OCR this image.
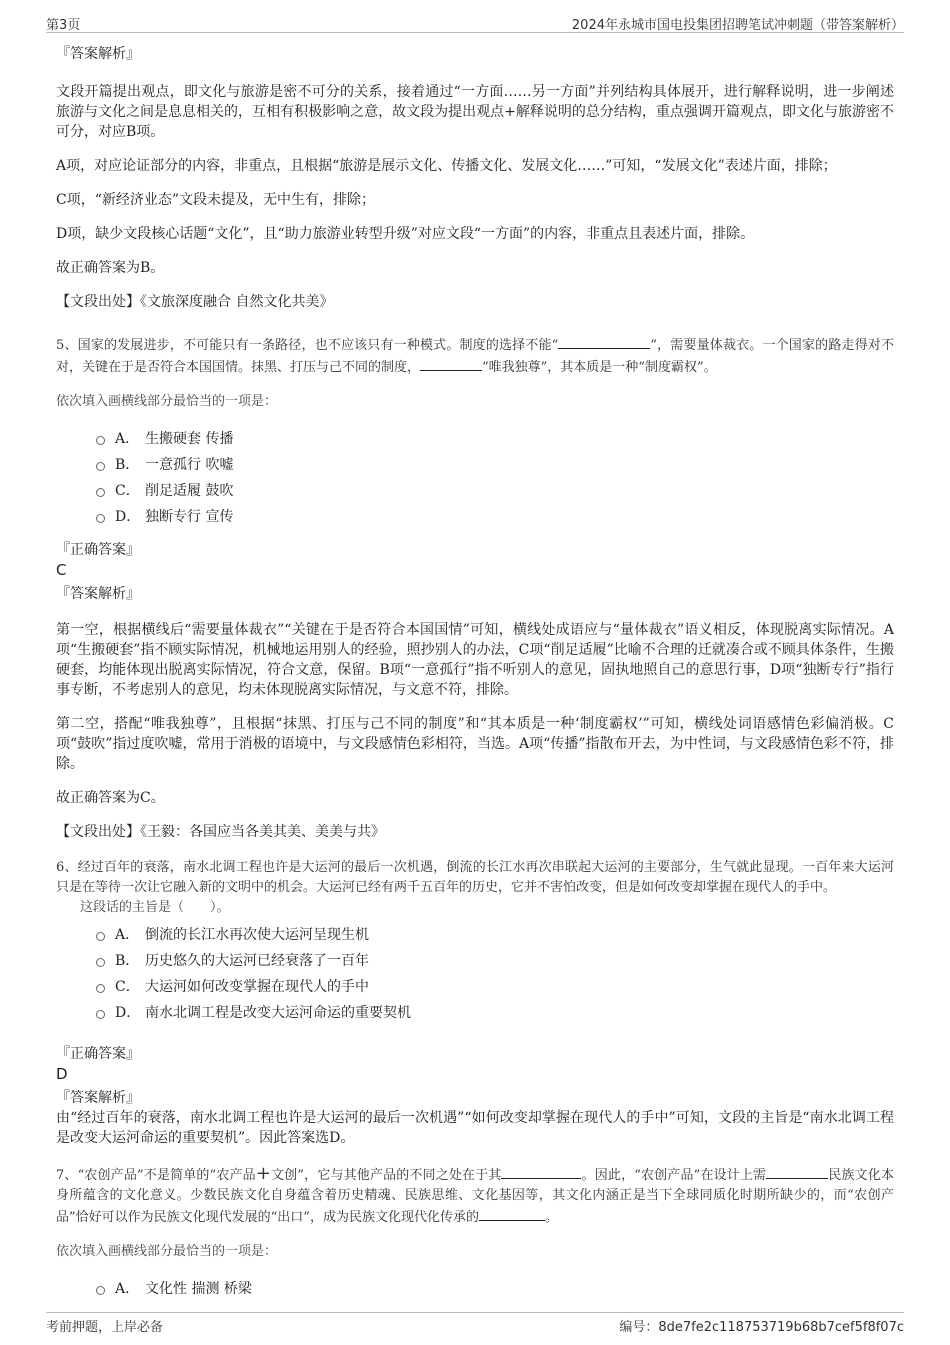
第3页	2024年永城市国电投集团招聘笔试冲刺题（带答案解析）
『答案解析』

文段开篇提出观点，即文化与旅游是密不可分的关系，接着通过“一方面……另一方面”并列结构具体展开，进行解释说明，进一步阐述旅游与文化之间是息息相关的，互相有积极影响之意，故文段为提出观点+解释说明的总分结构，重点强调开篇观点，即文化与旅游密不可分，对应B项。

A项，对应论证部分的内容，非重点，且根据“旅游是展示文化、传播文化、发展文化……”可知，“发展文化”表述片面，排除；

C项，“新经济业态”文段未提及，无中生有，排除；

D项，缺少文段核心话题“文化”，且“助力旅游业转型升级”对应文段“一方面”的内容，非重点且表述片面，排除。

故正确答案为B。

【文段出处】《文旅深度融合 自然文化共美》

5、国家的发展进步，不可能只有一条路径，也不应该只有一种模式。制度的选择不能“	”，需要量体裁衣。一个国家的路走得对不对，关键在于是否符合本国国情。抹黑、打压与己不同的制度，	“唯我独尊”，其本质是一种“制度霸权”。

依次填入画横线部分最恰当的一项是：

A． 生搬硬套 传播
B． 一意孤行 吹嘘
C． 削足适履 鼓吹
D． 独断专行 宣传
『正确答案』
C
『答案解析』

第一空，根据横线后“需要量体裁衣”“关键在于是否符合本国国情”可知，横线处成语应与“量体裁衣”语义相反，体现脱离实际情况。A项“生搬硬套”指不顾实际情况，机械地运用别人的经验，照抄别人的办法，C项“削足适履”比喻不合理的迁就凑合或不顾具体条件，生搬硬套，均能体现出脱离实际情况，符合文意，保留。B项“一意孤行”指不听别人的意见，固执地照自己的意思行事，D项“独断专行”指行事专断，不考虑别人的意见，均未体现脱离实际情况，与文意不符，排除。

第二空，搭配“唯我独尊”，且根据“抹黑、打压与己不同的制度”和“其本质是一种‘制度霸权’”可知，横线处词语感情色彩偏消极。C项“鼓吹”指过度吹嘘，常用于消极的语境中，与文段感情色彩相符，当选。A项“传播”指散布开去，为中性词，与文段感情色彩不符，排除。

故正确答案为C。

【文段出处】《王毅：各国应当各美其美、美美与共》

6、经过百年的衰落，南水北调工程也许是大运河的最后一次机遇，倒流的长江水再次串联起大运河的主要部分，生气就此显现。一百年来大运河只是在等待一次让它融入新的文明中的机会。大运河已经有两千五百年的历史，它并不害怕改变，但是如何改变却掌握在现代人的手中。

这段话的主旨是（　　）。

A． 倒流的长江水再次使大运河呈现生机
B． 历史悠久的大运河已经衰落了一百年
C． 大运河如何改变掌握在现代人的手中
D． 南水北调工程是改变大运河命运的重要契机
『正确答案』
D
『答案解析』

由“经过百年的衰落，南水北调工程也许是大运河的最后一次机遇”“如何改变却掌握在现代人的手中”可知，文段的主旨是“南水北调工程是改变大运河命运的重要契机”。因此答案选D。

7、“农创产品”不是简单的“农产品+文创”，它与其他产品的不同之处在于其	。因此，“农创产品”在设计上需	民族文化本身所蕴含的文化意义。少数民族文化自身蕴含着历史精魂、民族思维、文化基因等，其文化内涵正是当下全球同质化时期所缺少的，而“农创产品”恰好可以作为民族文化现代发展的“出口”，成为民族文化现代化传承的	。

依次填入画横线部分最恰当的一项是：

A． 文化性 揣测 桥梁
考前押题，上岸必备	编号：8de7fe2c118753719b68b7cef5f8f07c
